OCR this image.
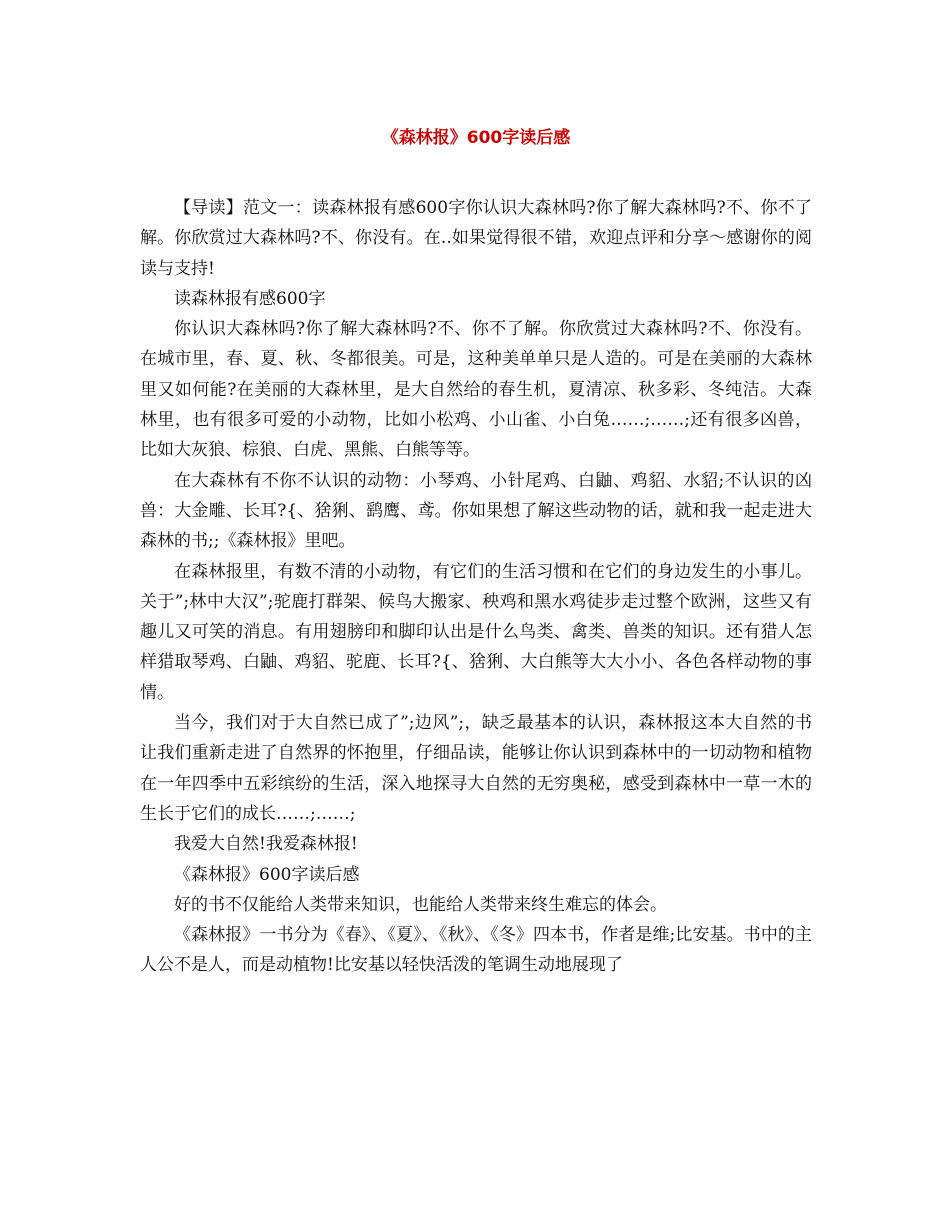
《森林报》600字读后感

【导读】范文一：读森林报有感600字你认识大森林吗?你了解大森林吗?不、你不了解。你欣赏过大森林吗?不、你没有。在..如果觉得很不错，欢迎点评和分享～感谢你的阅读与支持!

读森林报有感600字

你认识大森林吗?你了解大森林吗?不、你不了解。你欣赏过大森林吗?不、你没有。在城市里，春、夏、秋、冬都很美。可是，这种美单单只是人造的。可是在美丽的大森林里又如何能?在美丽的大森林里，是大自然给的春生机，夏清凉、秋多彩、冬纯洁。大森林里，也有很多可爱的小动物，比如小松鸡、小山雀、小白兔……;……;还有很多凶兽，比如大灰狼、棕狼、白虎、黑熊、白熊等等。

在大森林有不你不认识的动物：小琴鸡、小针尾鸡、白鼬、鸡貂、水貂;不认识的凶兽：大金雕、长耳?{、猞猁、鹞鹰、鸢。你如果想了解这些动物的话，就和我一起走进大森林的书;;《森林报》里吧。

在森林报里，有数不清的小动物，有它们的生活习惯和在它们的身边发生的小事儿。关于”;林中大汉”;驼鹿打群架、候鸟大搬家、秧鸡和黑水鸡徒步走过整个欧洲，这些又有趣儿又可笑的消息。有用翅膀印和脚印认出是什么鸟类、禽类、兽类的知识。还有猎人怎样猎取琴鸡、白鼬、鸡貂、驼鹿、长耳?{、猞猁、大白熊等大大小小、各色各样动物的事情。

当今，我们对于大自然已成了”;边风”;，缺乏最基本的认识，森林报这本大自然的书让我们重新走进了自然界的怀抱里，仔细品读，能够让你认识到森林中的一切动物和植物在一年四季中五彩缤纷的生活，深入地探寻大自然的无穷奥秘，感受到森林中一草一木的生长于它们的成长……;……;

我爱大自然!我爱森林报!

《森林报》600字读后感

好的书不仅能给人类带来知识，也能给人类带来终生难忘的体会。

《森林报》一书分为《春》、《夏》、《秋》、《冬》四本书，作者是维;比安基。书中的主人公不是人，而是动植物!比安基以轻快活泼的笔调生动地展现了
